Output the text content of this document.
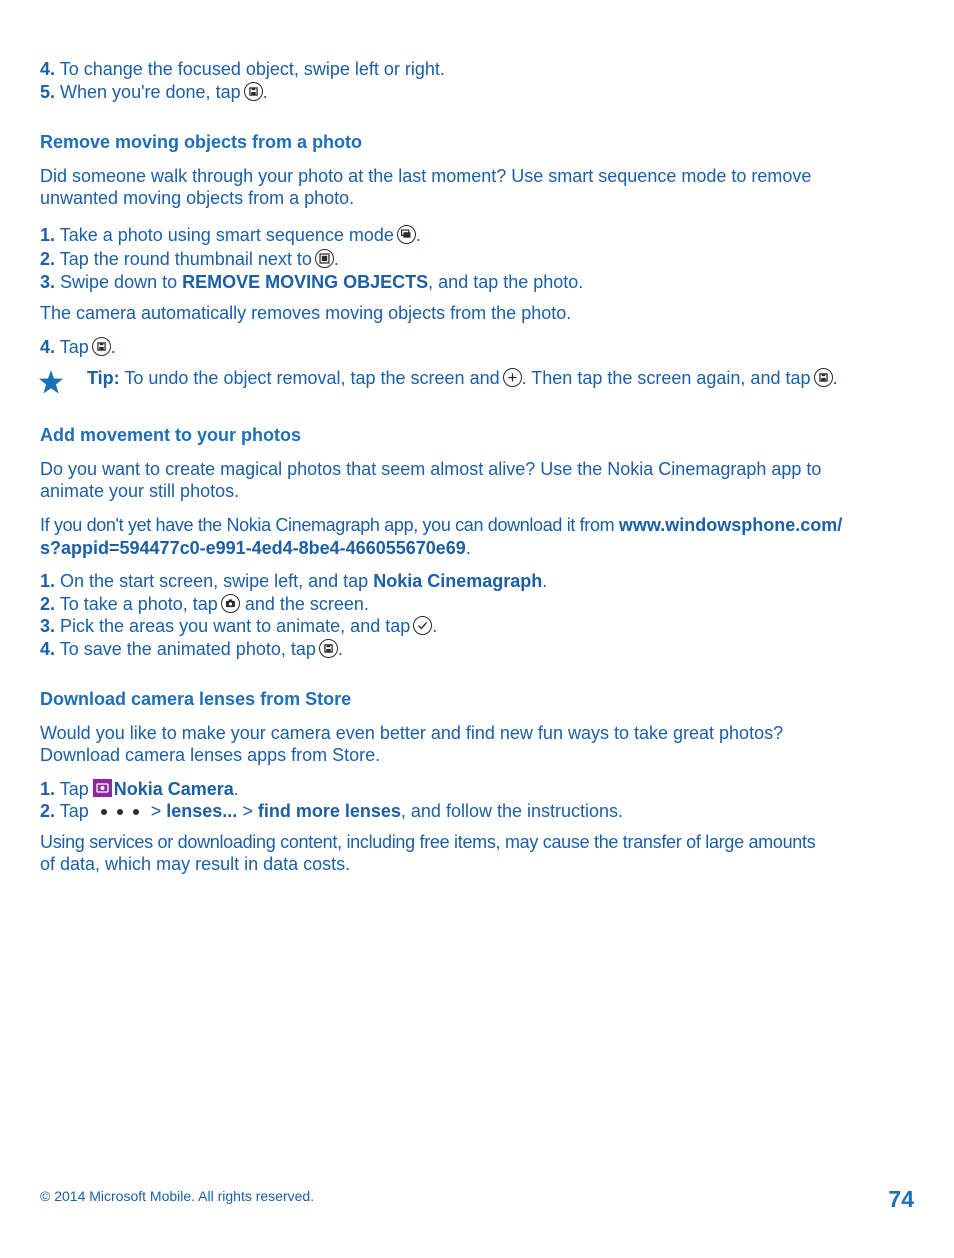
4. To change the focused object, swipe left or right.
5. When you're done, tap .
Remove moving objects from a photo
Did someone walk through your photo at the last moment? Use smart sequence mode to remove
unwanted moving objects from a photo.
1. Take a photo using smart sequence mode .
2. Tap the round thumbnail next to .
3. Swipe down to REMOVE MOVING OBJECTS, and tap the photo.
The camera automatically removes moving objects from the photo.
4. Tap .
Tip: To undo the object removal, tap the screen and . Then tap the screen again, and tap .
Add movement to your photos
Do you want to create magical photos that seem almost alive? Use the Nokia Cinemagraph app to
animate your still photos.
If you don't yet have the Nokia Cinemagraph app, you can download it from www.windowsphone.com/
s?appid=594477c0-e991-4ed4-8be4-466055670e69.
1. On the start screen, swipe left, and tap Nokia Cinemagraph.
2. To take a photo, tap and the screen.
3. Pick the areas you want to animate, and tap .
4. To save the animated photo, tap .
Download camera lenses from Store
Would you like to make your camera even better and find new fun ways to take great photos?
Download camera lenses apps from Store.
1. Tap Nokia Camera.
2. Tap	> lenses... > find more lenses, and follow the instructions.
Using services or downloading content, including free items, may cause the transfer of large amounts
of data, which may result in data costs.
© 2014 Microsoft Mobile. All rights reserved.	74
